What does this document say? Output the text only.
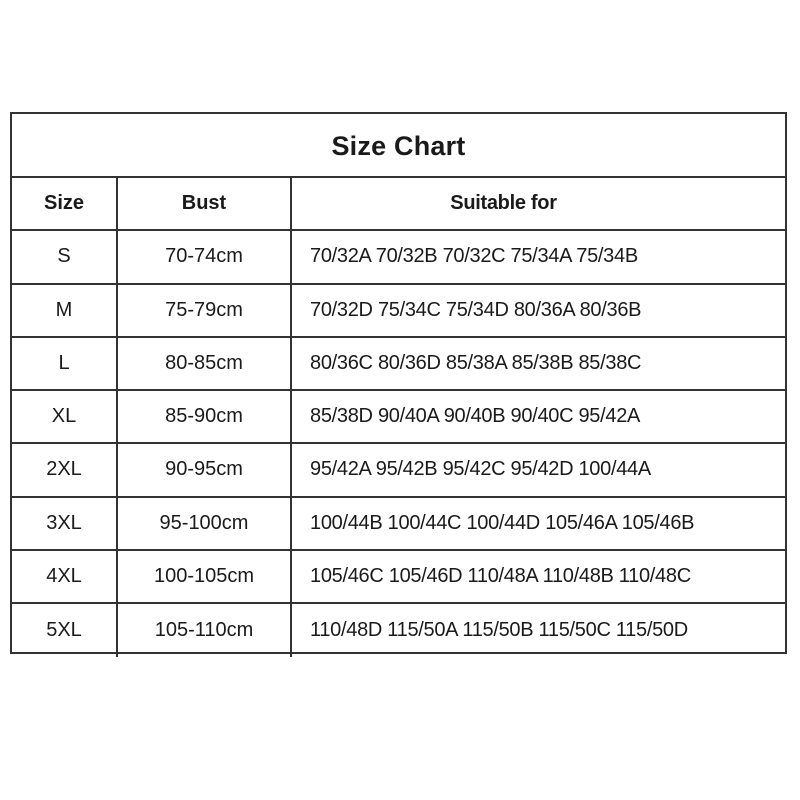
Size Chart
Size	Bust	Suitable for
S	70-74cm	70/32A 70/32B 70/32C 75/34A 75/34B
M	75-79cm	70/32D 75/34C 75/34D 80/36A 80/36B
L	80-85cm	80/36C 80/36D 85/38A 85/38B 85/38C
XL	85-90cm	85/38D 90/40A 90/40B 90/40C 95/42A
2XL	90-95cm	95/42A 95/42B 95/42C 95/42D 100/44A
3XL	95-100cm	100/44B 100/44C 100/44D 105/46A 105/46B
4XL	100-105cm	105/46C 105/46D 110/48A 110/48B 110/48C
5XL	105-110cm	110/48D 115/50A 115/50B 115/50C 115/50D
